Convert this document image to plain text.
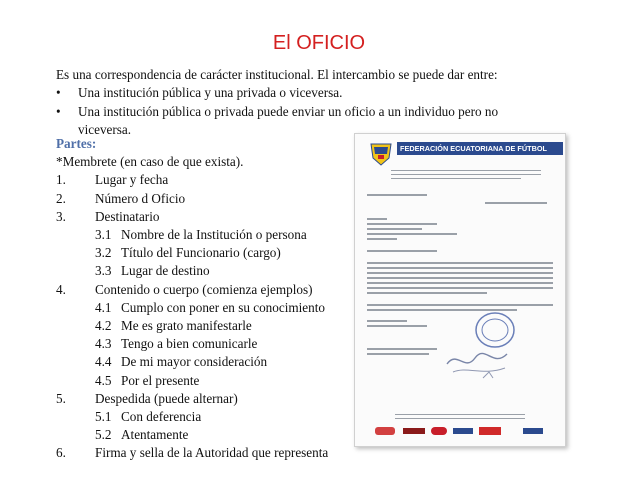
El OFICIO

Es una correspondencia de carácter institucional. El intercambio se puede dar entre:

•	Una institución pública y una privada o viceversa.

•	Una institución pública o privada puede enviar un oficio a un individuo pero no

viceversa.

Partes:
*Membrete (en caso de que exista).
1.	Lugar y fecha
2.	Número d Oficio
3.	Destinatario
3.1 Nombre de la Institución o persona
3.2 Título del Funcionario (cargo)
3.3 Lugar de destino
4.	Contenido o cuerpo (comienza ejemplos)
4.1 Cumplo con poner en su conocimiento
4.2 Me es grato manifestarle
4.3 Tengo a bien comunicarle
4.4 De mi mayor consideración
4.5 Por el presente
5.	Despedida (puede alternar)
5.1 Con deferencia
5.2 Atentamente
6.	Firma y sella de la Autoridad que representa
FEDERACIÓN ECUATORIANA DE FÚTBOL
